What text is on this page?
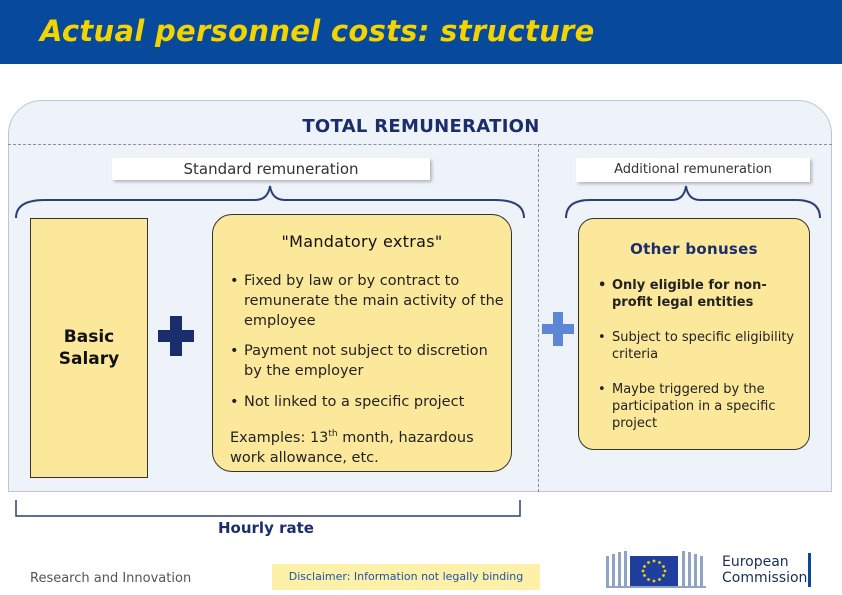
Actual personnel costs: structure
TOTAL REMUNERATION
Standard remuneration	Additional remuneration
Basic
Salary
"Mandatory extras"
• Fixed by law or by contract to remunerate the main activity of the employee
• Payment not subject to discretion by the employer
• Not linked to a specific project
Examples: 13th month, hazardous work allowance, etc.
Other bonuses
• Only eligible for non-profit legal entities
• Subject to specific eligibility criteria
• Maybe triggered by the participation in a specific project
Hourly rate
Research and Innovation	Disclaimer: Information not legally binding
European
Commission
